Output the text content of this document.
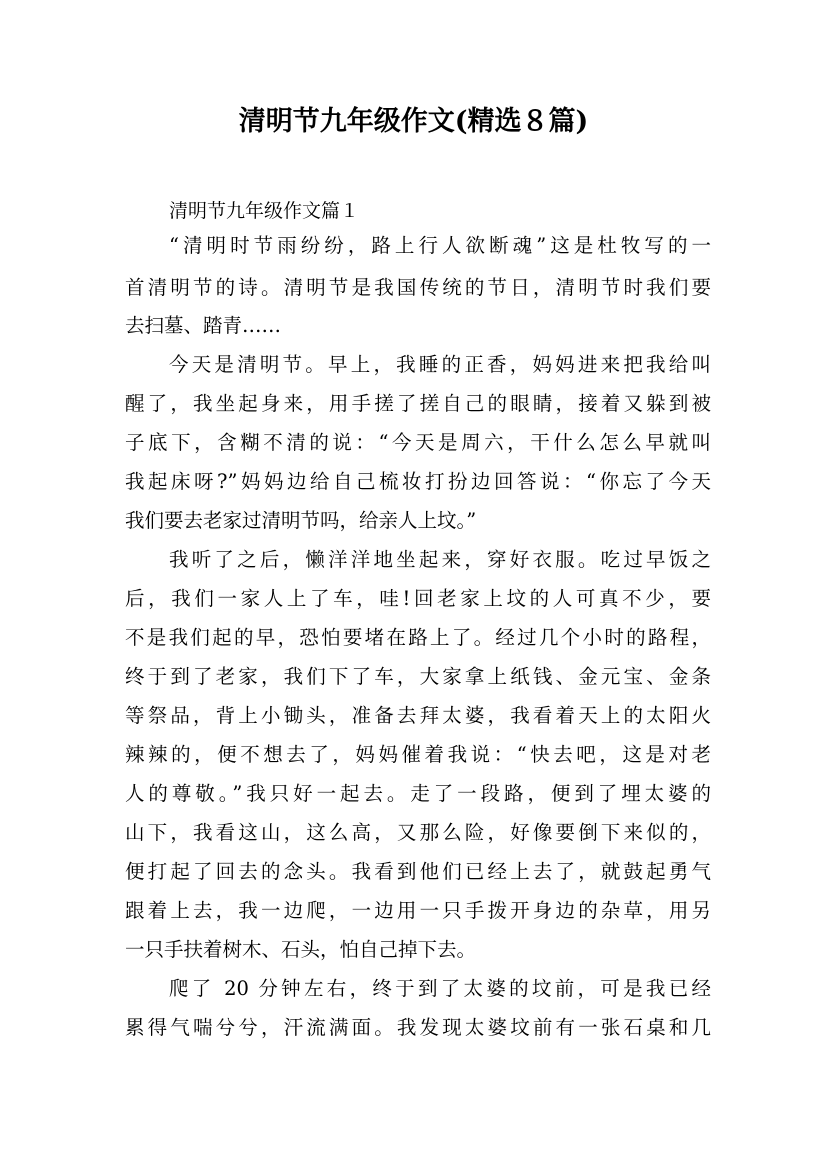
清明节九年级作文(精选８篇)
清明节九年级作文篇１
“清明时节雨纷纷，路上行人欲断魂”这是杜牧写的一
首清明节的诗。清明节是我国传统的节日，清明节时我们要
去扫墓、踏青……
今天是清明节。早上，我睡的正香，妈妈进来把我给叫
醒了，我坐起身来，用手搓了搓自己的眼睛，接着又躲到被
子底下，含糊不清的说：“今天是周六，干什么怎么早就叫
我起床呀?”妈妈边给自己梳妆打扮边回答说：“你忘了今天
我们要去老家过清明节吗，给亲人上坟。”
我听了之后，懒洋洋地坐起来，穿好衣服。吃过早饭之
后，我们一家人上了车，哇!回老家上坟的人可真不少，要
不是我们起的早，恐怕要堵在路上了。经过几个小时的路程，
终于到了老家，我们下了车，大家拿上纸钱、金元宝、金条
等祭品，背上小锄头，准备去拜太婆，我看着天上的太阳火
辣辣的，便不想去了，妈妈催着我说：“快去吧，这是对老
人的尊敬。”我只好一起去。走了一段路，便到了埋太婆的
山下，我看这山，这么高，又那么险，好像要倒下来似的，
便打起了回去的念头。我看到他们已经上去了，就鼓起勇气
跟着上去，我一边爬，一边用一只手拨开身边的杂草，用另
一只手扶着树木、石头，怕自己掉下去。
爬了 20 分钟左右，终于到了太婆的坟前，可是我已经
累得气喘兮兮，汗流满面。我发现太婆坟前有一张石桌和几
